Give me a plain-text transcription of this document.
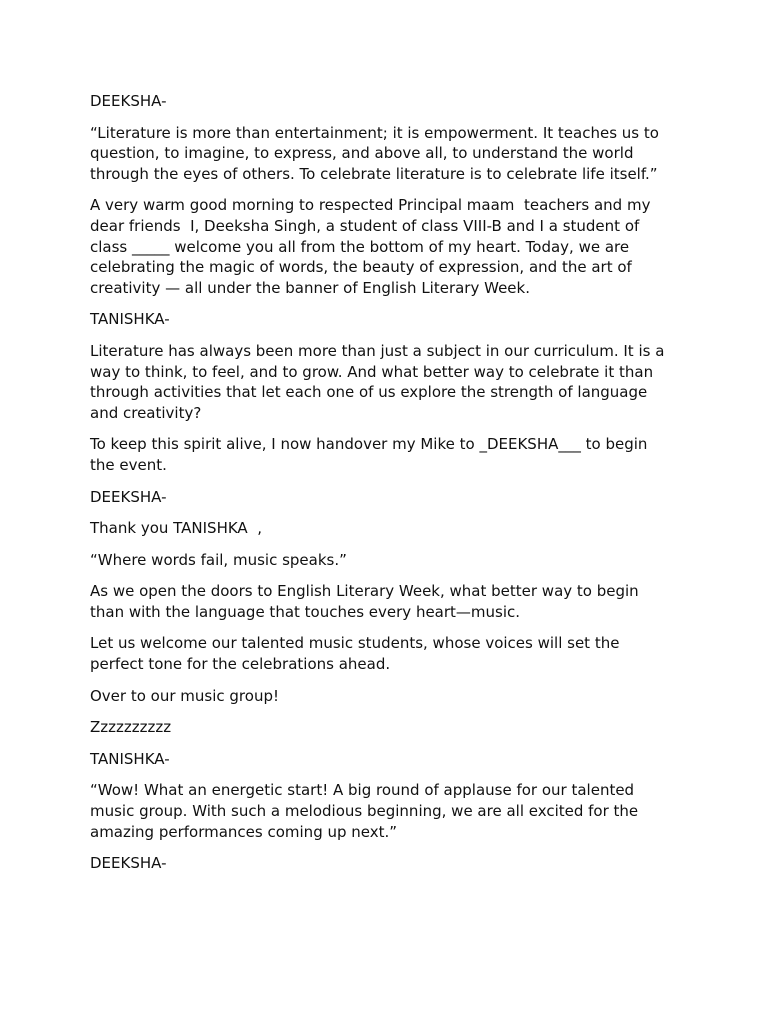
DEEKSHA-

“Literature is more than entertainment; it is empowerment. It teaches us to question, to imagine, to express, and above all, to understand the world through the eyes of others. To celebrate literature is to celebrate life itself.”

A very warm good morning to respected Principal maam  teachers and my dear friends  I, Deeksha Singh, a student of class VIII-B and I a student of class _____ welcome you all from the bottom of my heart. Today, we are celebrating the magic of words, the beauty of expression, and the art of creativity — all under the banner of English Literary Week.

TANISHKA-

Literature has always been more than just a subject in our curriculum. It is a way to think, to feel, and to grow. And what better way to celebrate it than through activities that let each one of us explore the strength of language and creativity?

To keep this spirit alive, I now handover my Mike to _DEEKSHA___ to begin the event.

DEEKSHA-

Thank you TANISHKA  ,

“Where words fail, music speaks.”

As we open the doors to English Literary Week, what better way to begin than with the language that touches every heart—music.

Let us welcome our talented music students, whose voices will set the perfect tone for the celebrations ahead.

Over to our music group!

Zzzzzzzzzz

TANISHKA-

“Wow! What an energetic start! A big round of applause for our talented music group. With such a melodious beginning, we are all excited for the amazing performances coming up next.”

DEEKSHA-
